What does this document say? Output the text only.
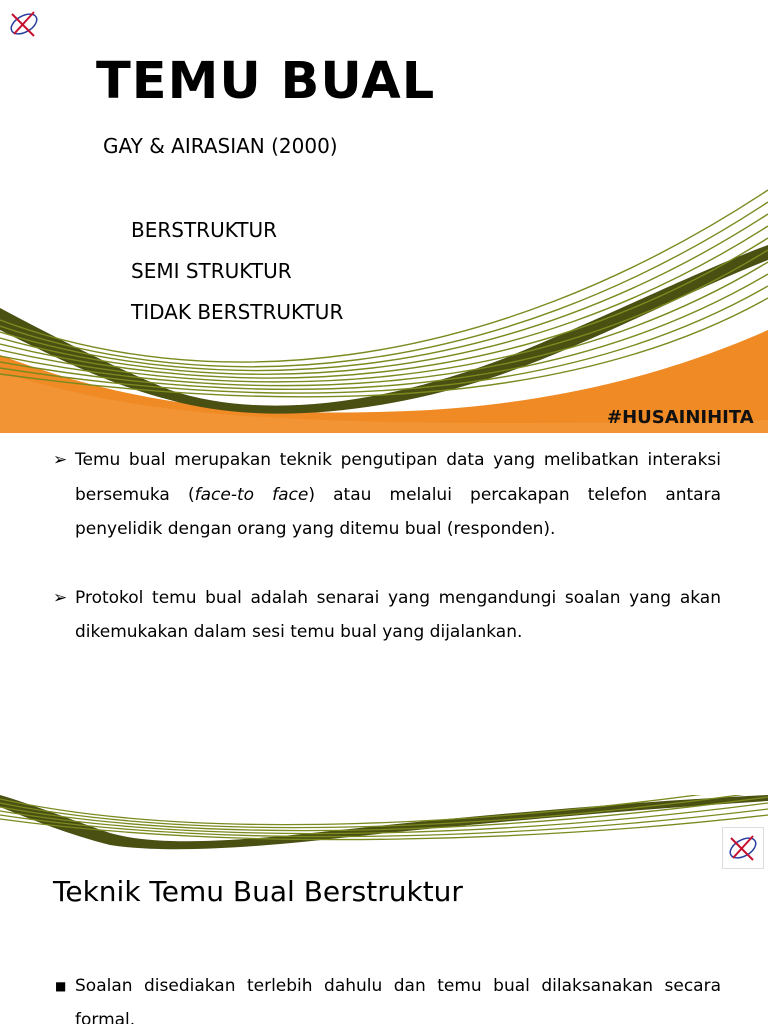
TEMU BUAL
GAY & AIRASIAN (2000)
BERSTRUKTUR
SEMI STRUKTUR
TIDAK BERSTRUKTUR
#HUSAINIHITA
➢ Temu bual merupakan teknik pengutipan data yang melibatkan interaksi bersemuka (face-to face) atau melalui percakapan telefon antara penyelidik dengan orang yang ditemu bual (responden).
➢ Protokol temu bual adalah senarai yang mengandungi soalan yang akan dikemukakan dalam sesi temu bual yang dijalankan.
Teknik Temu Bual Berstruktur
■ Soalan disediakan terlebih dahulu dan temu bual dilaksanakan secara formal.
